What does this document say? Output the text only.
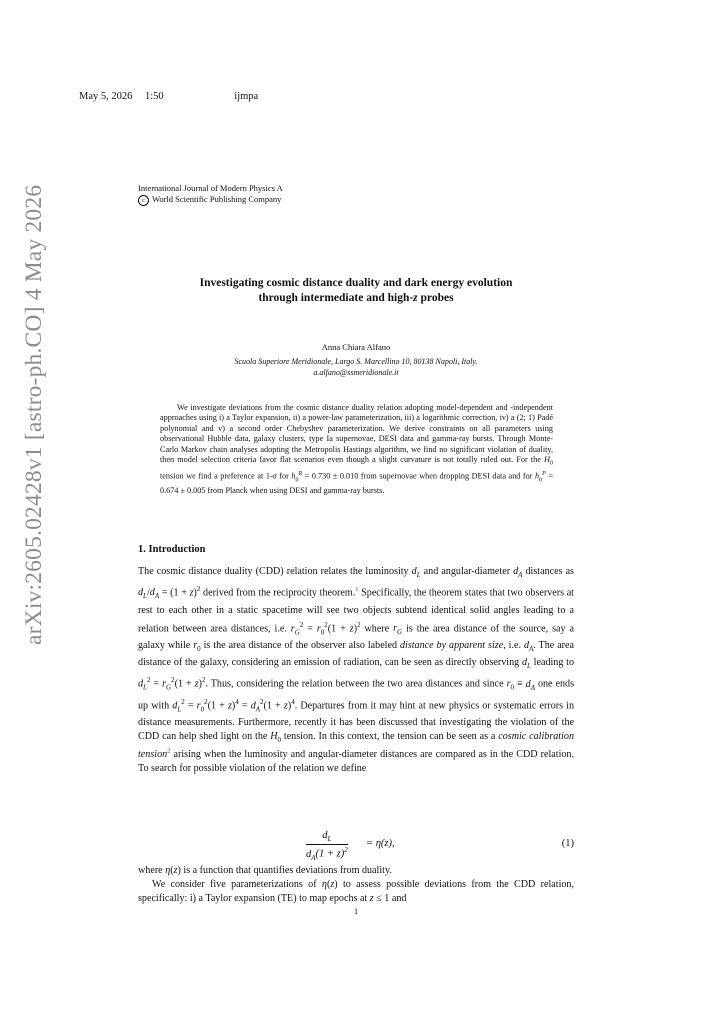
May 5, 2026 1:50	ijmpa
International Journal of Modern Physics A
c World Scientific Publishing Company
arXiv:2605.02428v1 [astro-ph.CO] 4 May 2026	Investigating cosmic distance duality and dark energy evolution
through intermediate and high-z probes
Anna Chiara Alfano
Scuola Superiore Meridionale, Largo S. Marcellino 10, 80138 Napoli, Italy.
a.alfano@ssmeridionale.it
We investigate deviations from the cosmic distance duality relation adopting model-dependent and -independent approaches using i) a Taylor expansion, ii) a power-law parameterization, iii) a logarithmic correction, iv) a (2; 1) Padé polynomial and v) a second order Chebyshev parameterization. We derive constraints on all parameters using observational Hubble data, galaxy clusters, type Ia supernovae, DESI data and gamma-ray bursts. Through Monte-Carlo Markov chain analyses adopting the Metropolis Hastings algorithm, we find no significant violation of duality, then model selection criteria favor flat scenarios even though a slight curvature is not totally ruled out. For the $H_0$ tension we find a preference at 1-σ for $h_0^R = 0.730 \pm 0.010$ from supernovae when dropping DESI data and for $h_0^P = 0.674 \pm 0.005$ from Planck when using DESI and gamma-ray bursts.
1. Introduction

The cosmic distance duality (CDD) relation relates the luminosity $d_L$ and angular-diameter $d_A$ distances as $d_L/d_A = (1 + z)^2$ derived from the reciprocity theorem.$^1$ Specifically, the theorem states that two observers at rest to each other in a static spacetime will see two objects subtend identical solid angles leading to a relation between area distances, i.e. $r_G^2 = r_0^2(1 + z)^2$ where $r_G$ is the area distance of the source, say a galaxy while $r_0$ is the area distance of the observer also labeled distance by apparent size, i.e. $d_A$. The area distance of the galaxy, considering an emission of radiation, can be seen as directly observing $d_L$ leading to $d_L^2 = r_G^2(1 + z)^2$. Thus, considering the relation between the two area distances and since $r_0 \equiv d_A$ one ends up with $d_L^2 = r_0^2(1 + z)^4 = d_A^2(1 + z)^4$. Departures from it may hint at new physics or systematic errors in distance measurements. Furthermore, recently it has been discussed that investigating the violation of the CDD can help shed light on the $H_0$ tension. In this context, the tension can be seen as a cosmic calibration tension$^2$ arising when the luminosity and angular-diameter distances are compared as in the CDD relation. To search for possible violation of the relation we define

$\frac{d_L}{d_A(1 + z)^2} = \eta(z)$,	(1)

where η(z) is a function that quantifies deviations from duality.

We consider five parameterizations of η(z) to assess possible deviations from the CDD relation, specifically: i) a Taylor expansion (TE) to map epochs at z ≤ 1 and

1
